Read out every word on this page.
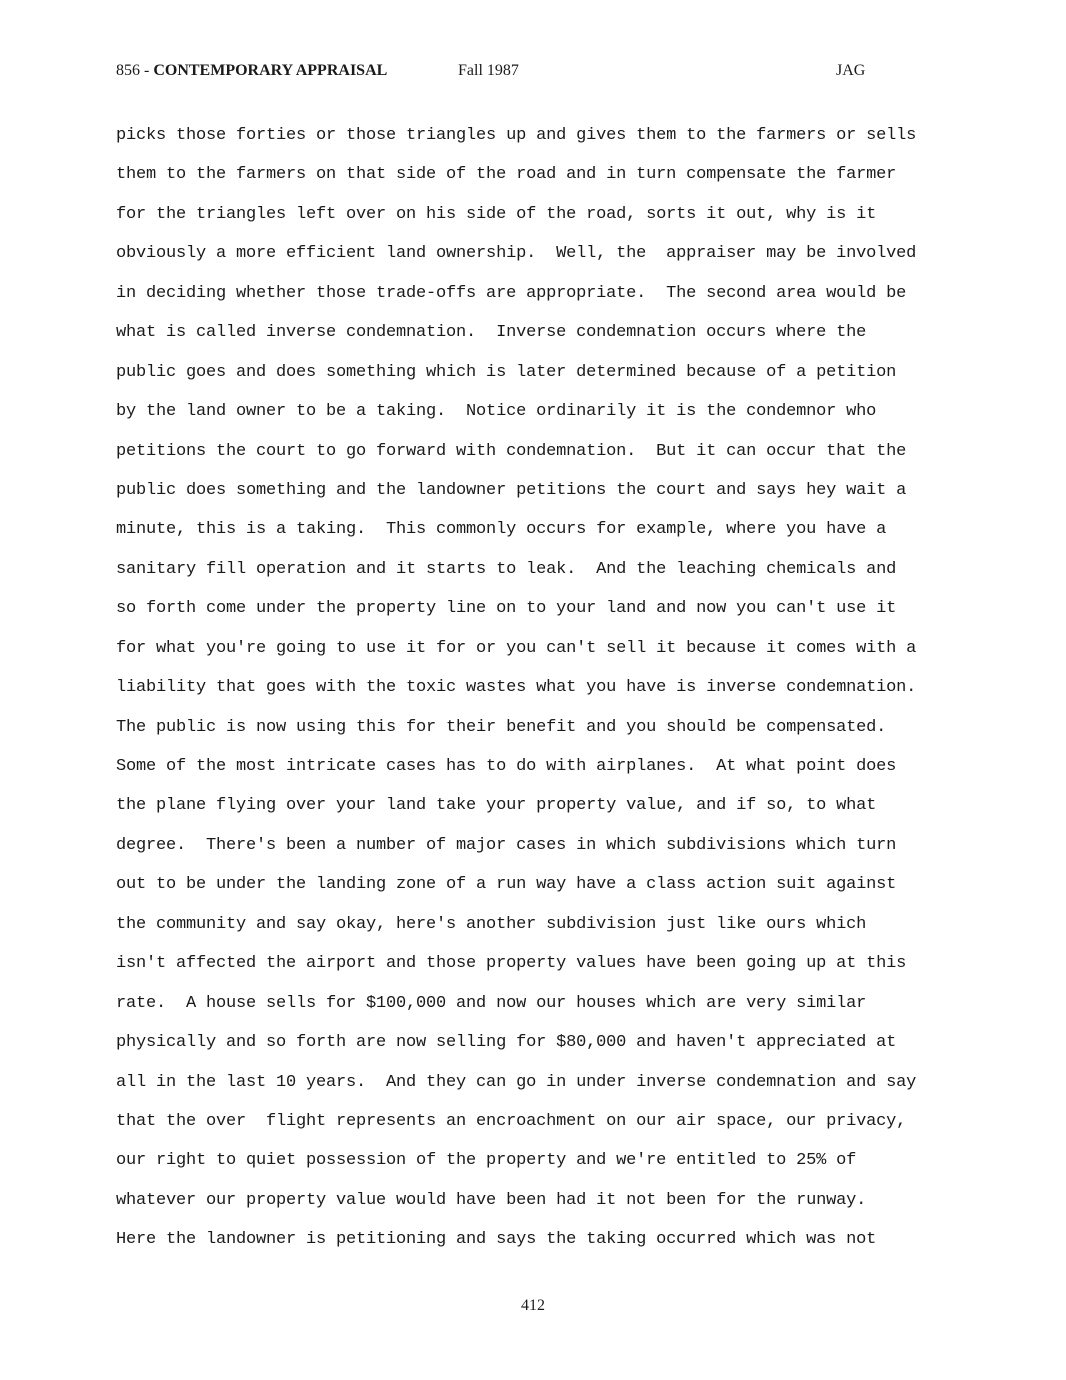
856 - CONTEMPORARY APPRAISAL	Fall 1987	JAG
picks those forties or those triangles up and gives them to the farmers or sells
them to the farmers on that side of the road and in turn compensate the farmer
for the triangles left over on his side of the road, sorts it out, why is it
obviously a more efficient land ownership.  Well, the  appraiser may be involved
in deciding whether those trade-offs are appropriate.  The second area would be
what is called inverse condemnation.  Inverse condemnation occurs where the
public goes and does something which is later determined because of a petition
by the land owner to be a taking.  Notice ordinarily it is the condemnor who
petitions the court to go forward with condemnation.  But it can occur that the
public does something and the landowner petitions the court and says hey wait a
minute, this is a taking.  This commonly occurs for example, where you have a
sanitary fill operation and it starts to leak.  And the leaching chemicals and
so forth come under the property line on to your land and now you can't use it
for what you're going to use it for or you can't sell it because it comes with a
liability that goes with the toxic wastes what you have is inverse condemnation.
The public is now using this for their benefit and you should be compensated.
Some of the most intricate cases has to do with airplanes.  At what point does
the plane flying over your land take your property value, and if so, to what
degree.  There's been a number of major cases in which subdivisions which turn
out to be under the landing zone of a run way have a class action suit against
the community and say okay, here's another subdivision just like ours which
isn't affected the airport and those property values have been going up at this
rate.  A house sells for $100,000 and now our houses which are very similar
physically and so forth are now selling for $80,000 and haven't appreciated at
all in the last 10 years.  And they can go in under inverse condemnation and say
that the over  flight represents an encroachment on our air space, our privacy,
our right to quiet possession of the property and we're entitled to 25% of
whatever our property value would have been had it not been for the runway.
Here the landowner is petitioning and says the taking occurred which was not
412
